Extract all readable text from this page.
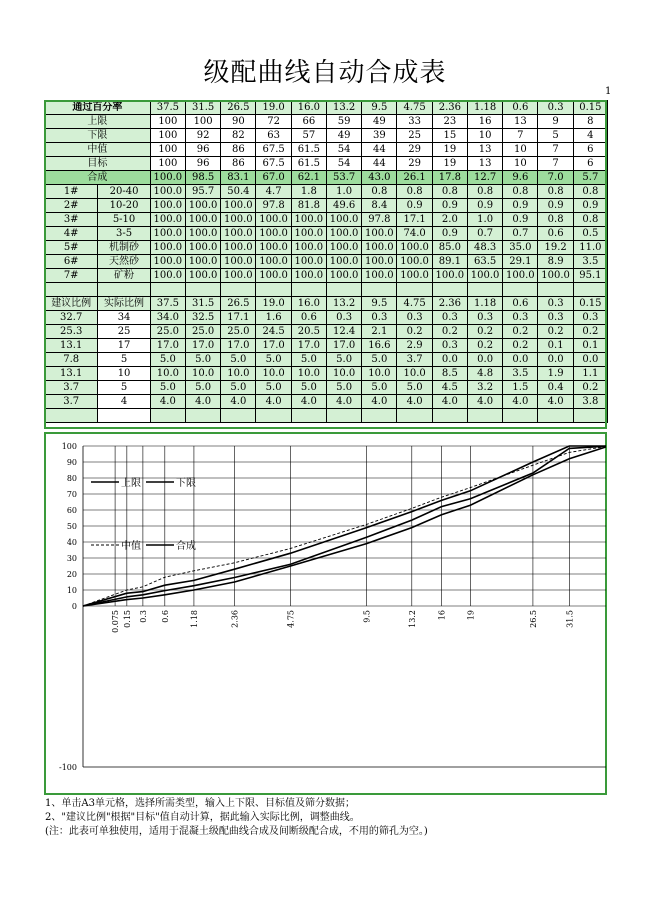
级配曲线自动合成表
1
通过百分率		37.5	31.5	26.5	19.0	16.0	13.2	9.5	4.75	2.36	1.18	0.6	0.3	0.15
上限		100	100	90	72	66	59	49	33	23	16	13	9	8
下限		100	92	82	63	57	49	39	25	15	10	7	5	4
中值		100	96	86	67.5	61.5	54	44	29	19	13	10	7	6
目标		100	96	86	67.5	61.5	54	44	29	19	13	10	7	6
合成		100.0	98.5	83.1	67.0	62.1	53.7	43.0	26.1	17.8	12.7	9.6	7.0	5.7
1#	20-40	100.0	95.7	50.4	4.7	1.8	1.0	0.8	0.8	0.8	0.8	0.8	0.8	0.8
2#	10-20	100.0	100.0	100.0	97.8	81.8	49.6	8.4	0.9	0.9	0.9	0.9	0.9	0.9
3#	5-10	100.0	100.0	100.0	100.0	100.0	100.0	97.8	17.1	2.0	1.0	0.9	0.8	0.8
4#	3-5	100.0	100.0	100.0	100.0	100.0	100.0	100.0	74.0	0.9	0.7	0.7	0.6	0.5
5#	机制砂	100.0	100.0	100.0	100.0	100.0	100.0	100.0	100.0	85.0	48.3	35.0	19.2	11.0
6#	天然砂	100.0	100.0	100.0	100.0	100.0	100.0	100.0	100.0	89.1	63.5	29.1	8.9	3.5
7#	矿粉	100.0	100.0	100.0	100.0	100.0	100.0	100.0	100.0	100.0	100.0	100.0	100.0	95.1

建议比例	实际比例	37.5	31.5	26.5	19.0	16.0	13.2	9.5	4.75	2.36	1.18	0.6	0.3	0.15
32.7	34	34.0	32.5	17.1	1.6	0.6	0.3	0.3	0.3	0.3	0.3	0.3	0.3	0.3
25.3	25	25.0	25.0	25.0	24.5	20.5	12.4	2.1	0.2	0.2	0.2	0.2	0.2	0.2
13.1	17	17.0	17.0	17.0	17.0	17.0	17.0	16.6	2.9	0.3	0.2	0.2	0.1	0.1
7.8	5	5.0	5.0	5.0	5.0	5.0	5.0	5.0	3.7	0.0	0.0	0.0	0.0	0.0
13.1	10	10.0	10.0	10.0	10.0	10.0	10.0	10.0	10.0	8.5	4.8	3.5	1.9	1.1
3.7	5	5.0	5.0	5.0	5.0	5.0	5.0	5.0	5.0	4.5	3.2	1.5	0.4	0.2
3.7	4	4.0	4.0	4.0	4.0	4.0	4.0	4.0	4.0	4.0	4.0	4.0	4.0	3.8

0.075 0.15 0.3 0.6	1.18	2.36	4.75	9.5	13.2	16 19	26.5	31.5
100
90
80
70
60
50
40
30
20
10
0
-100
上限	下限
中值	合成
1、单击A3单元格，选择所需类型，输入上下限、目标值及筛分数据；
2、"建议比例"根据"目标"值自动计算，据此输入实际比例，调整曲线。
(注：此表可单独使用，适用于混凝土级配曲线合成及间断级配合成，不用的筛孔为空。)
